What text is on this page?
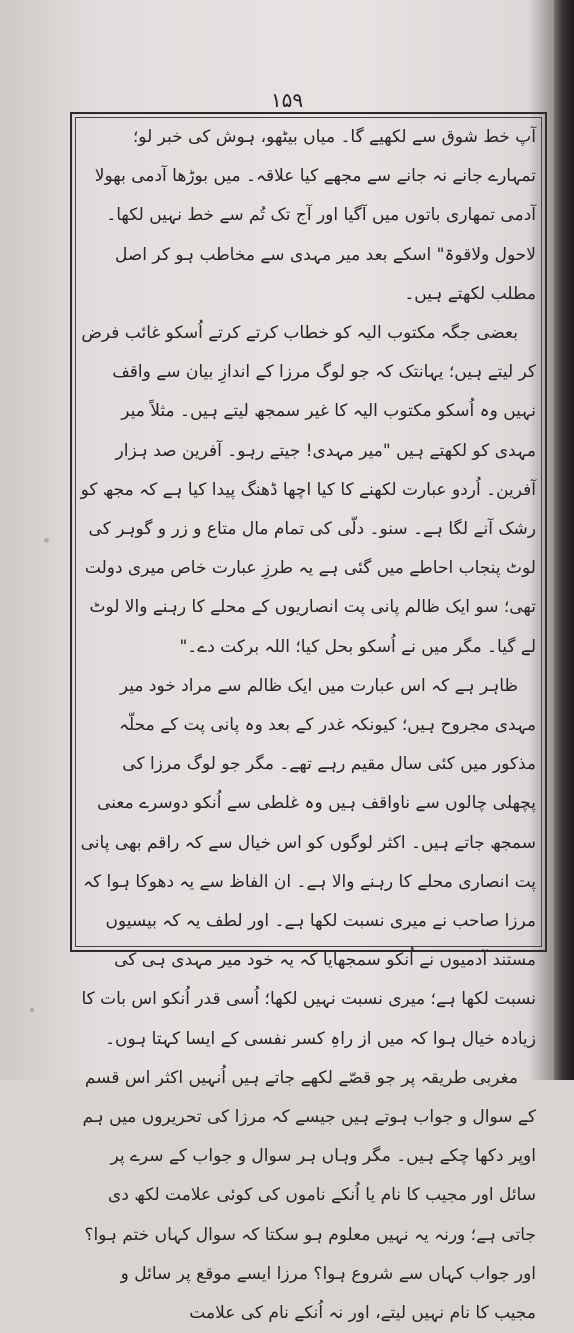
۱۵۹

آپ خط شوق سے لکھیے گا۔ میاں بیٹھو، ہوش کی خبر لو؛ تمہارے جانے نہ جانے سے مجھے کیا علاقہ۔ میں بوڑھا آدمی بھولا آدمی تمھاری باتوں میں آگیا اور آج تک تُم سے خط نہیں لکھا۔ لاحول ولاقوۃ" اسکے بعد میر مہدی سے مخاطب ہو کر اصل مطلب لکھتے ہیں۔

بعضی جگہ مکتوب الیہ کو خطاب کرتے کرتے اُسکو غائب فرض کر لیتے ہیں؛ یہانتک کہ جو لوگ مرزا کے اندازِ بیان سے واقف نہیں وہ اُسکو مکتوب الیہ کا غیر سمجھ لیتے ہیں۔ مثلاً میر مہدی کو لکھتے ہیں "میر مہدی! جیتے رہو۔ آفرین صد ہزار آفرین۔ اُردو عبارت لکھنے کا کیا اچھا ڈھنگ پیدا کیا ہے کہ مجھ کو رشک آنے لگا ہے۔ سنو۔ دلّی کی تمام مال متاع و زر و گوہر کی لوٹ پنجاب احاطے میں گئی ہے یہ طرزِ عبارت خاص میری دولت تھی؛ سو ایک ظالم پانی پت انصاریوں کے محلے کا رہنے والا لوٹ لے گیا۔ مگر میں نے اُسکو بحل کیا؛ اللہ برکت دے۔"

ظاہر ہے کہ اس عبارت میں ایک ظالم سے مراد خود میر مہدی مجروح ہیں؛ کیونکہ غدر کے بعد وہ پانی پت کے محلّہ مذکور میں کئی سال مقیم رہے تھے۔ مگر جو لوگ مرزا کی پچھلی چالوں سے ناواقف ہیں وہ غلطی سے اُنکو دوسرے معنی سمجھ جاتے ہیں۔ اکثر لوگوں کو اس خیال سے کہ راقم بھی پانی پت انصاری محلے کا رہنے والا ہے۔ ان الفاظ سے یہ دھوکا ہوا کہ مرزا صاحب نے میری نسبت لکھا ہے۔ اور لطف یہ کہ بیسیوں مستند آدمیوں نے اُنکو سمجھایا کہ یہ خود میر مہدی ہی کی نسبت لکھا ہے؛ میری نسبت نہیں لکھا؛ اُسی قدر اُنکو اس بات کا زیادہ خیال ہوا کہ میں از راہِ کسر نفسی کے ایسا کہتا ہوں۔

مغربی طریقہ پر جو قصّے لکھے جاتے ہیں اُنہیں اکثر اس قسم کے سوال و جواب ہوتے ہیں جیسے کہ مرزا کی تحریروں میں ہم اوپر دکھا چکے ہیں۔ مگر وہاں ہر سوال و جواب کے سرے پر سائل اور مجیب کا نام یا اُنکے ناموں کی کوئی علامت لکھ دی جاتی ہے؛ ورنہ یہ نہیں معلوم ہو سکتا کہ سوال کہاں ختم ہوا؟ اور جواب کہاں سے شروع ہوا؟ مرزا ایسے موقع پر سائل و مجیب کا نام نہیں لیتے، اور نہ اُنکے نام کی علامت
